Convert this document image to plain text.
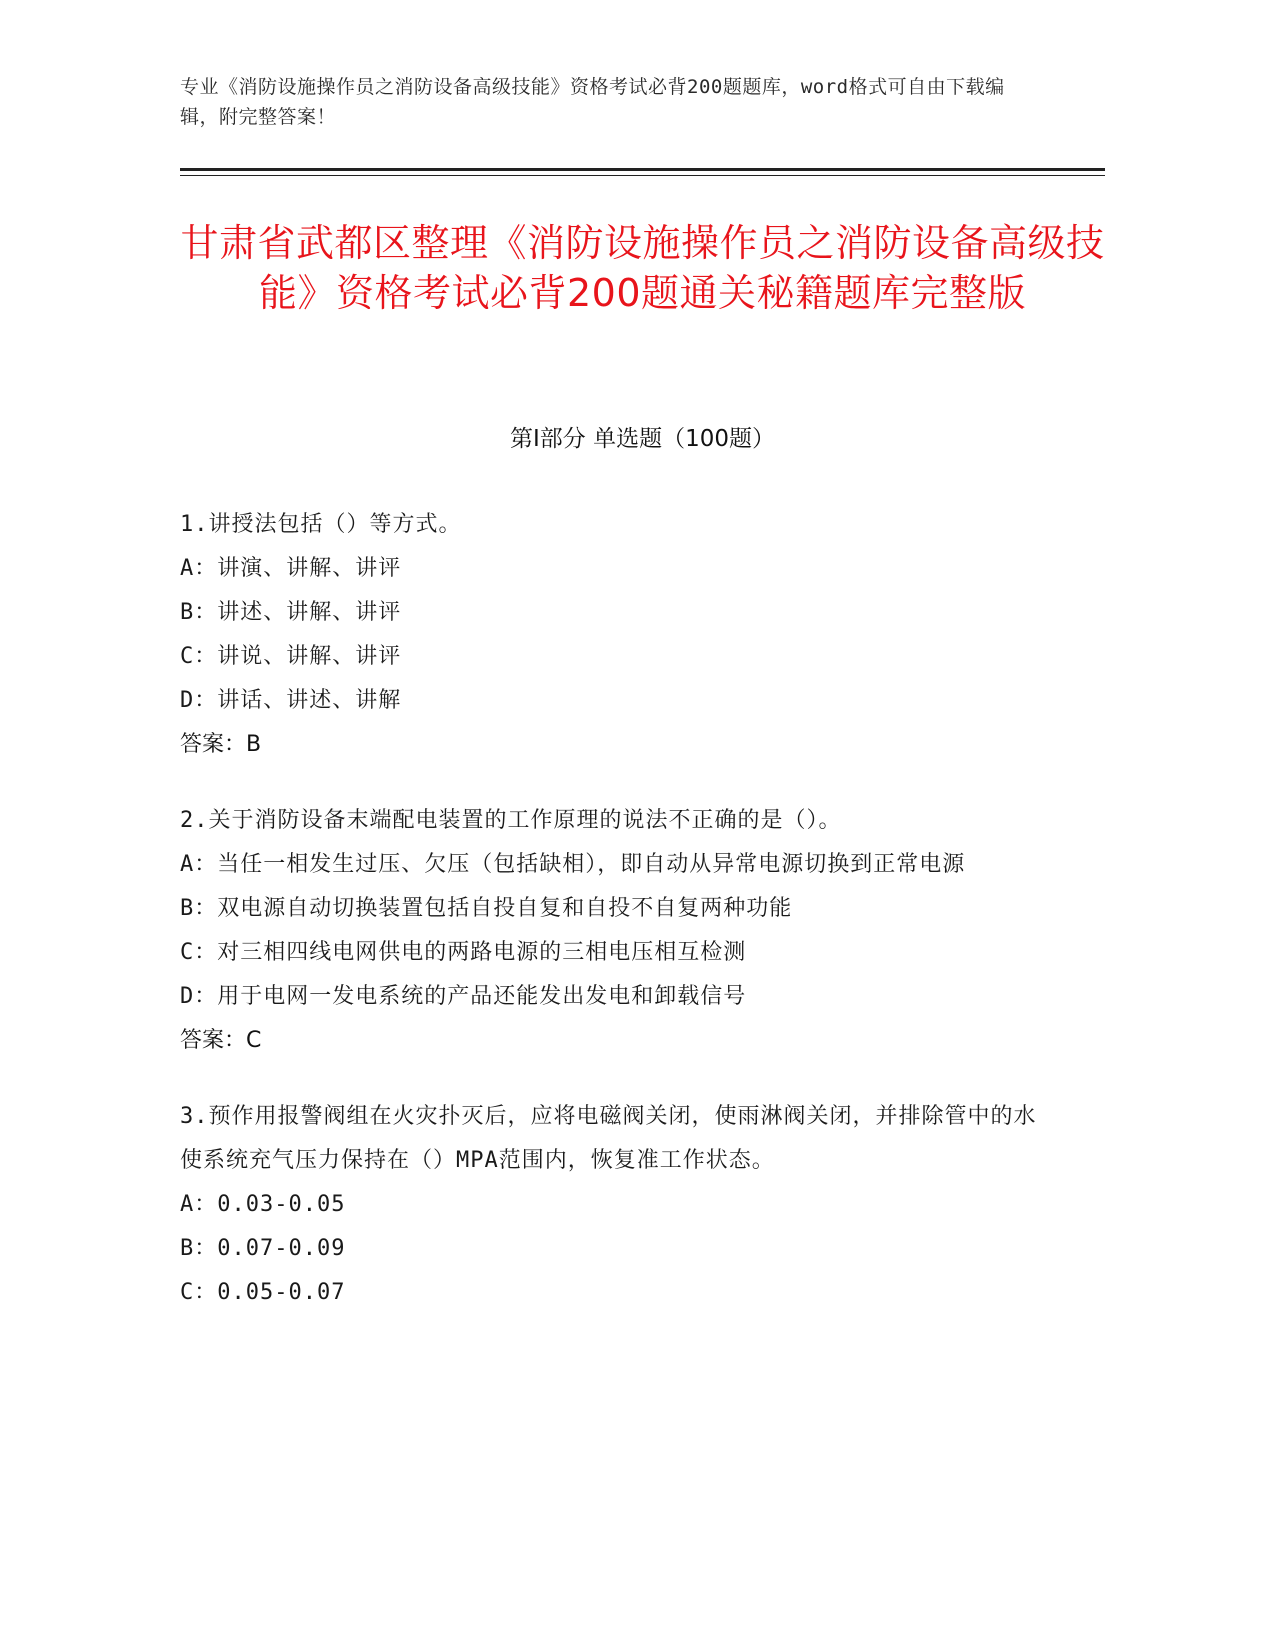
专业《消防设施操作员之消防设备高级技能》资格考试必背200题题库，word格式可自由下载编辑，附完整答案！
甘肃省武都区整理《消防设施操作员之消防设备高级技能》资格考试必背200题通关秘籍题库完整版
第Ⅰ部分 单选题（100题）
1.讲授法包括（）等方式。
A：讲演、讲解、讲评
B：讲述、讲解、讲评
C：讲说、讲解、讲评
D：讲话、讲述、讲解
答案：B
2.关于消防设备末端配电装置的工作原理的说法不正确的是（）。
A：当任一相发生过压、欠压（包括缺相），即自动从异常电源切换到正常电源
B：双电源自动切换装置包括自投自复和自投不自复两种功能
C：对三相四线电网供电的两路电源的三相电压相互检测
D：用于电网一发电系统的产品还能发出发电和卸载信号
答案：C
3.预作用报警阀组在火灾扑灭后，应将电磁阀关闭，使雨淋阀关闭，并排除管中的水使系统充气压力保持在（）MPA范围内，恢复准工作状态。
A：0.03-0.05
B：0.07-0.09
C：0.05-0.07
